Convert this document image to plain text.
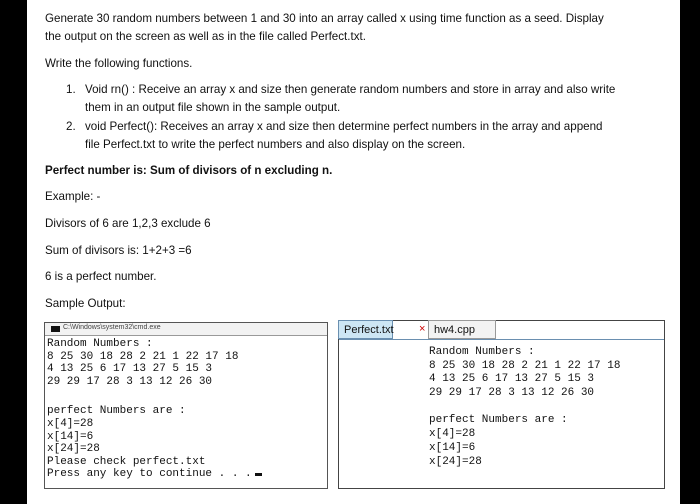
Generate 30 random numbers between 1 and 30 into an array called x using time function as a seed. Display
the output on the screen as well as in the file called Perfect.txt.
Write the following functions.
1. Void rn() : Receive an array x and size then generate random numbers and store in array and also write
them in an output file shown in the sample output.
2. void Perfect(): Receives an array x and size then determine perfect numbers in the array and append
file Perfect.txt to write the perfect numbers and also display on the screen.
Perfect number is: Sum of divisors of n excluding n.
Example: -
Divisors of 6 are 1,2,3 exclude 6
Sum of divisors is: 1+2+3 =6
6 is a perfect number.
Sample Output:
C:\Windows\system32\cmd.exe
Random Numbers :
8 25 30 18 28 2 21 1 22 17 18
4 13 25 6 17 13 27 5 15 3
29 29 17 28 3 13 12 26 30
perfect Numbers are :
x[4]=28
x[14]=6
x[24]=28
Please check perfect.txt
Press any key to continue . . .
Perfect.txt × hw4.cpp
Random Numbers :
8 25 30 18 28 2 21 1 22 17 18
4 13 25 6 17 13 27 5 15 3
29 29 17 28 3 13 12 26 30
perfect Numbers are :
x[4]=28
x[14]=6
x[24]=28
